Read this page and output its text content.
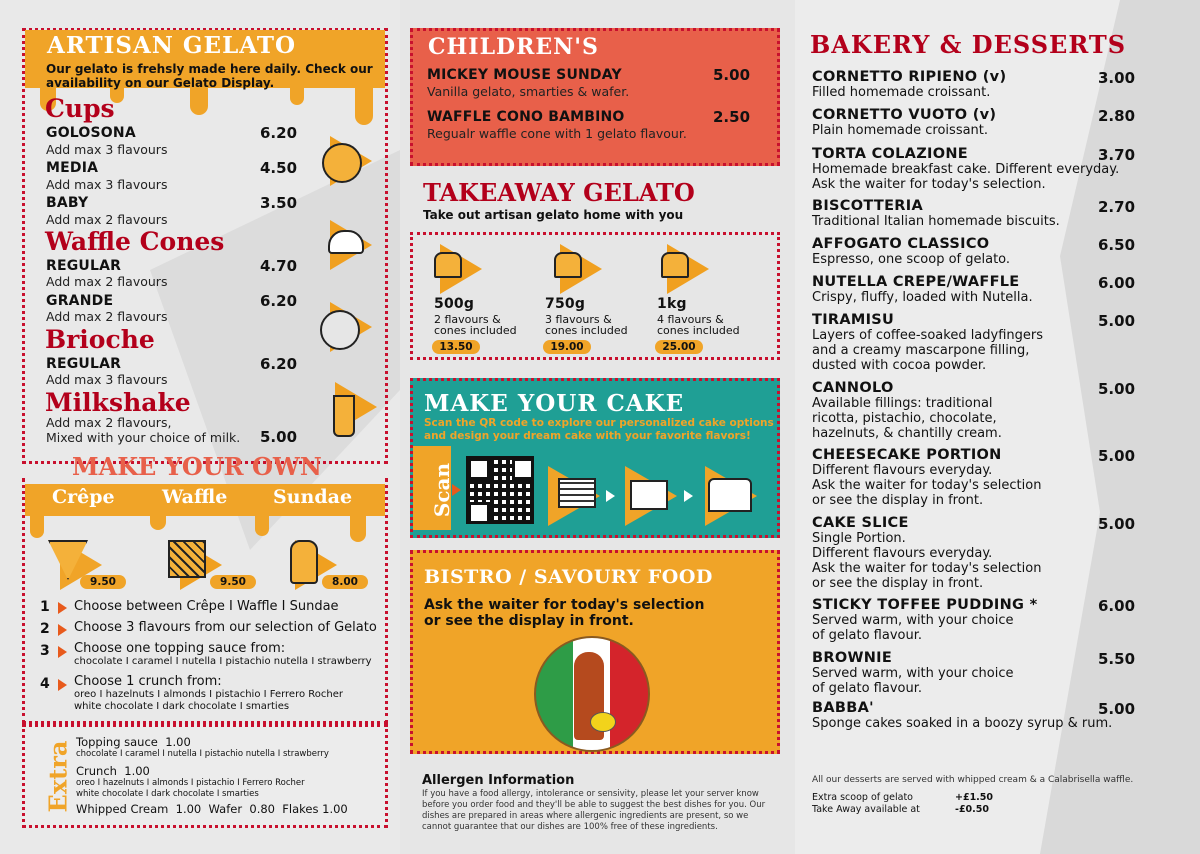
ARTISAN GELATO
Our gelato is frehsly made here daily. Check our availability on our Gelato Display.
Cups
GOLOSONA
Add max 3 flavours
6.20
MEDIA
Add max 3 flavours
4.50
BABY
Add max 2 flavours
3.50
Waffle Cones
REGULAR
Add max 2 flavours
4.70
GRANDE
Add max 2 flavours
6.20
Brioche
REGULAR
Add max 3 flavours
6.20
Milkshake
Add max 2 flavours,
Mixed with your choice of milk. 5.00
MAKE YOUR OWN
Crêpe Waffle Sundae
9.50	9.50	8.00
1 Choose between Crêpe I Waffle I Sundae
2 Choose 3 flavours from our selection of Gelato
3 Choose one topping sauce from:
chocolate I caramel I nutella I pistachio nutella I strawberry
4 Choose 1 crunch from:
oreo I hazelnuts I almonds I pistachio I Ferrero Rocher
white chocolate I dark chocolate I smarties
Extra Topping sauce 1.00
chocolate I caramel I nutella I pistachio nutella I strawberry
Crunch 1.00
oreo I hazelnuts I almonds I pistachio I Ferrero Rocher
white chocolate I dark chocolate I smarties
Whipped Cream  1.00  Wafer  0.80  Flakes 1.00
CHILDREN'S
MICKEY MOUSE SUNDAY
Vanilla gelato, smarties & wafer.
5.00
WAFFLE CONO BAMBINO
Regualr waffle cone with 1 gelato flavour.
2.50
TAKEAWAY GELATO
Take out artisan gelato home with you
500g
2 flavours &
cones included
13.50
750g
3 flavours &
cones included
19.00
1kg
4 flavours &
cones included
25.00
MAKE YOUR CAKE
Scan the QR code to explore our personalized cake options
and design your dream cake with your favorite flavors!
Scan
BISTRO / SAVOURY FOOD
Ask the waiter for today's selection
or see the display in front.
Allergen Information
If you have a food allergy, intolerance or sensivity, please let your server know
before you order food and they'll be able to suggest the best dishes for you. Our
dishes are prepared in areas where allergenic ingredients are present, so we
cannot guarantee that our dishes are 100% free of these ingredients.
BAKERY & DESSERTS
CORNETTO RIPIENO (v)	3.00
Filled homemade croissant.
CORNETTO VUOTO (v)	2.80
Plain homemade croissant.
TORTA COLAZIONE	3.70
Homemade breakfast cake. Different everyday.
Ask the waiter for today's selection.
BISCOTTERIA	2.70
Traditional Italian homemade biscuits.
AFFOGATO CLASSICO	6.50
Espresso, one scoop of gelato.
NUTELLA CREPE/WAFFLE	6.00
Crispy, fluffy, loaded with Nutella.
TIRAMISU	5.00
Layers of coffee-soaked ladyfingers
and a creamy mascarpone filling,
dusted with cocoa powder.
CANNOLO	5.00
Available fillings: traditional
ricotta, pistachio, chocolate,
hazelnuts, & chantilly cream.
CHEESECAKE PORTION	5.00
Different flavours everyday.
Ask the waiter for today's selection
or see the display in front.
CAKE SLICE	5.00
Single Portion.
Different flavours everyday.
Ask the waiter for today's selection
or see the display in front.
STICKY TOFFEE PUDDING *	6.00
Served warm, with your choice
of gelato flavour.
BROWNIE	5.50
Served warm, with your choice
of gelato flavour.
BABBA'	5.00
Sponge cakes soaked in a boozy syrup & rum.
All our desserts are served with whipped cream & a Calabrisella waffle.
Extra scoop of gelato	+£1.50
Take Away available at	-£0.50
